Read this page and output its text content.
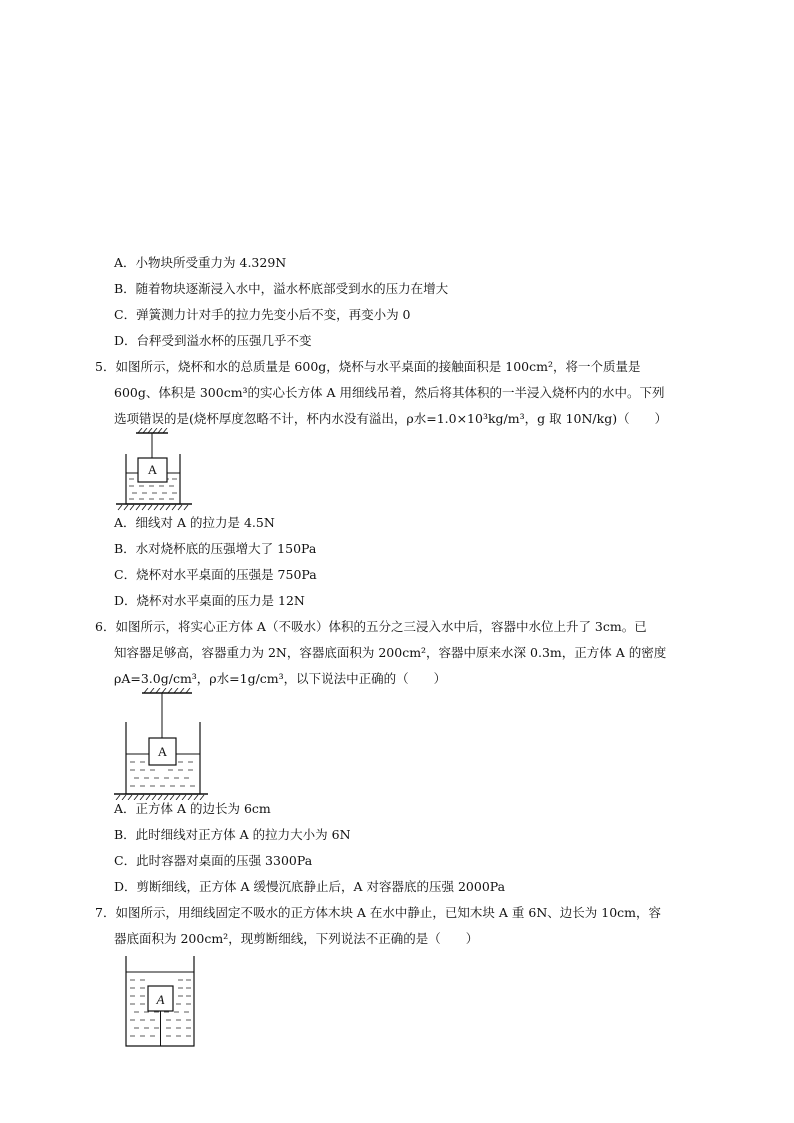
A．小物块所受重力为 4.329N
B．随着物块逐渐浸入水中，溢水杯底部受到水的压力在增大
C．弹簧测力计对手的拉力先变小后不变，再变小为 0
D．台秤受到溢水杯的压强几乎不变
5．如图所示，烧杯和水的总质量是 600g，烧杯与水平桌面的接触面积是 100cm²，将一个质量是
600g、体积是 300cm³的实心长方体 A 用细线吊着，然后将其体积的一半浸入烧杯内的水中。下列
选项错误的是(烧杯厚度忽略不计，杯内水没有溢出，ρ水=1.0×10³kg/m³，g 取 10N/kg)（　　）
A
A．细线对 A 的拉力是 4.5N
B．水对烧杯底的压强增大了 150Pa
C．烧杯对水平桌面的压强是 750Pa
D．烧杯对水平桌面的压力是 12N
6．如图所示，将实心正方体 A（不吸水）体积的五分之三浸入水中后，容器中水位上升了 3cm。已
知容器足够高，容器重力为 2N，容器底面积为 200cm²，容器中原来水深 0.3m，正方体 A 的密度
ρA=3.0g/cm³，ρ水=1g/cm³，以下说法中正确的（　　）
A
A．正方体 A 的边长为 6cm
B．此时细线对正方体 A 的拉力大小为 6N
C．此时容器对桌面的压强 3300Pa
D．剪断细线，正方体 A 缓慢沉底静止后，A 对容器底的压强 2000Pa
7．如图所示，用细线固定不吸水的正方体木块 A 在水中静止，已知木块 A 重 6N、边长为 10cm，容
器底面积为 200cm²，现剪断细线，下列说法不正确的是（　　）
A
